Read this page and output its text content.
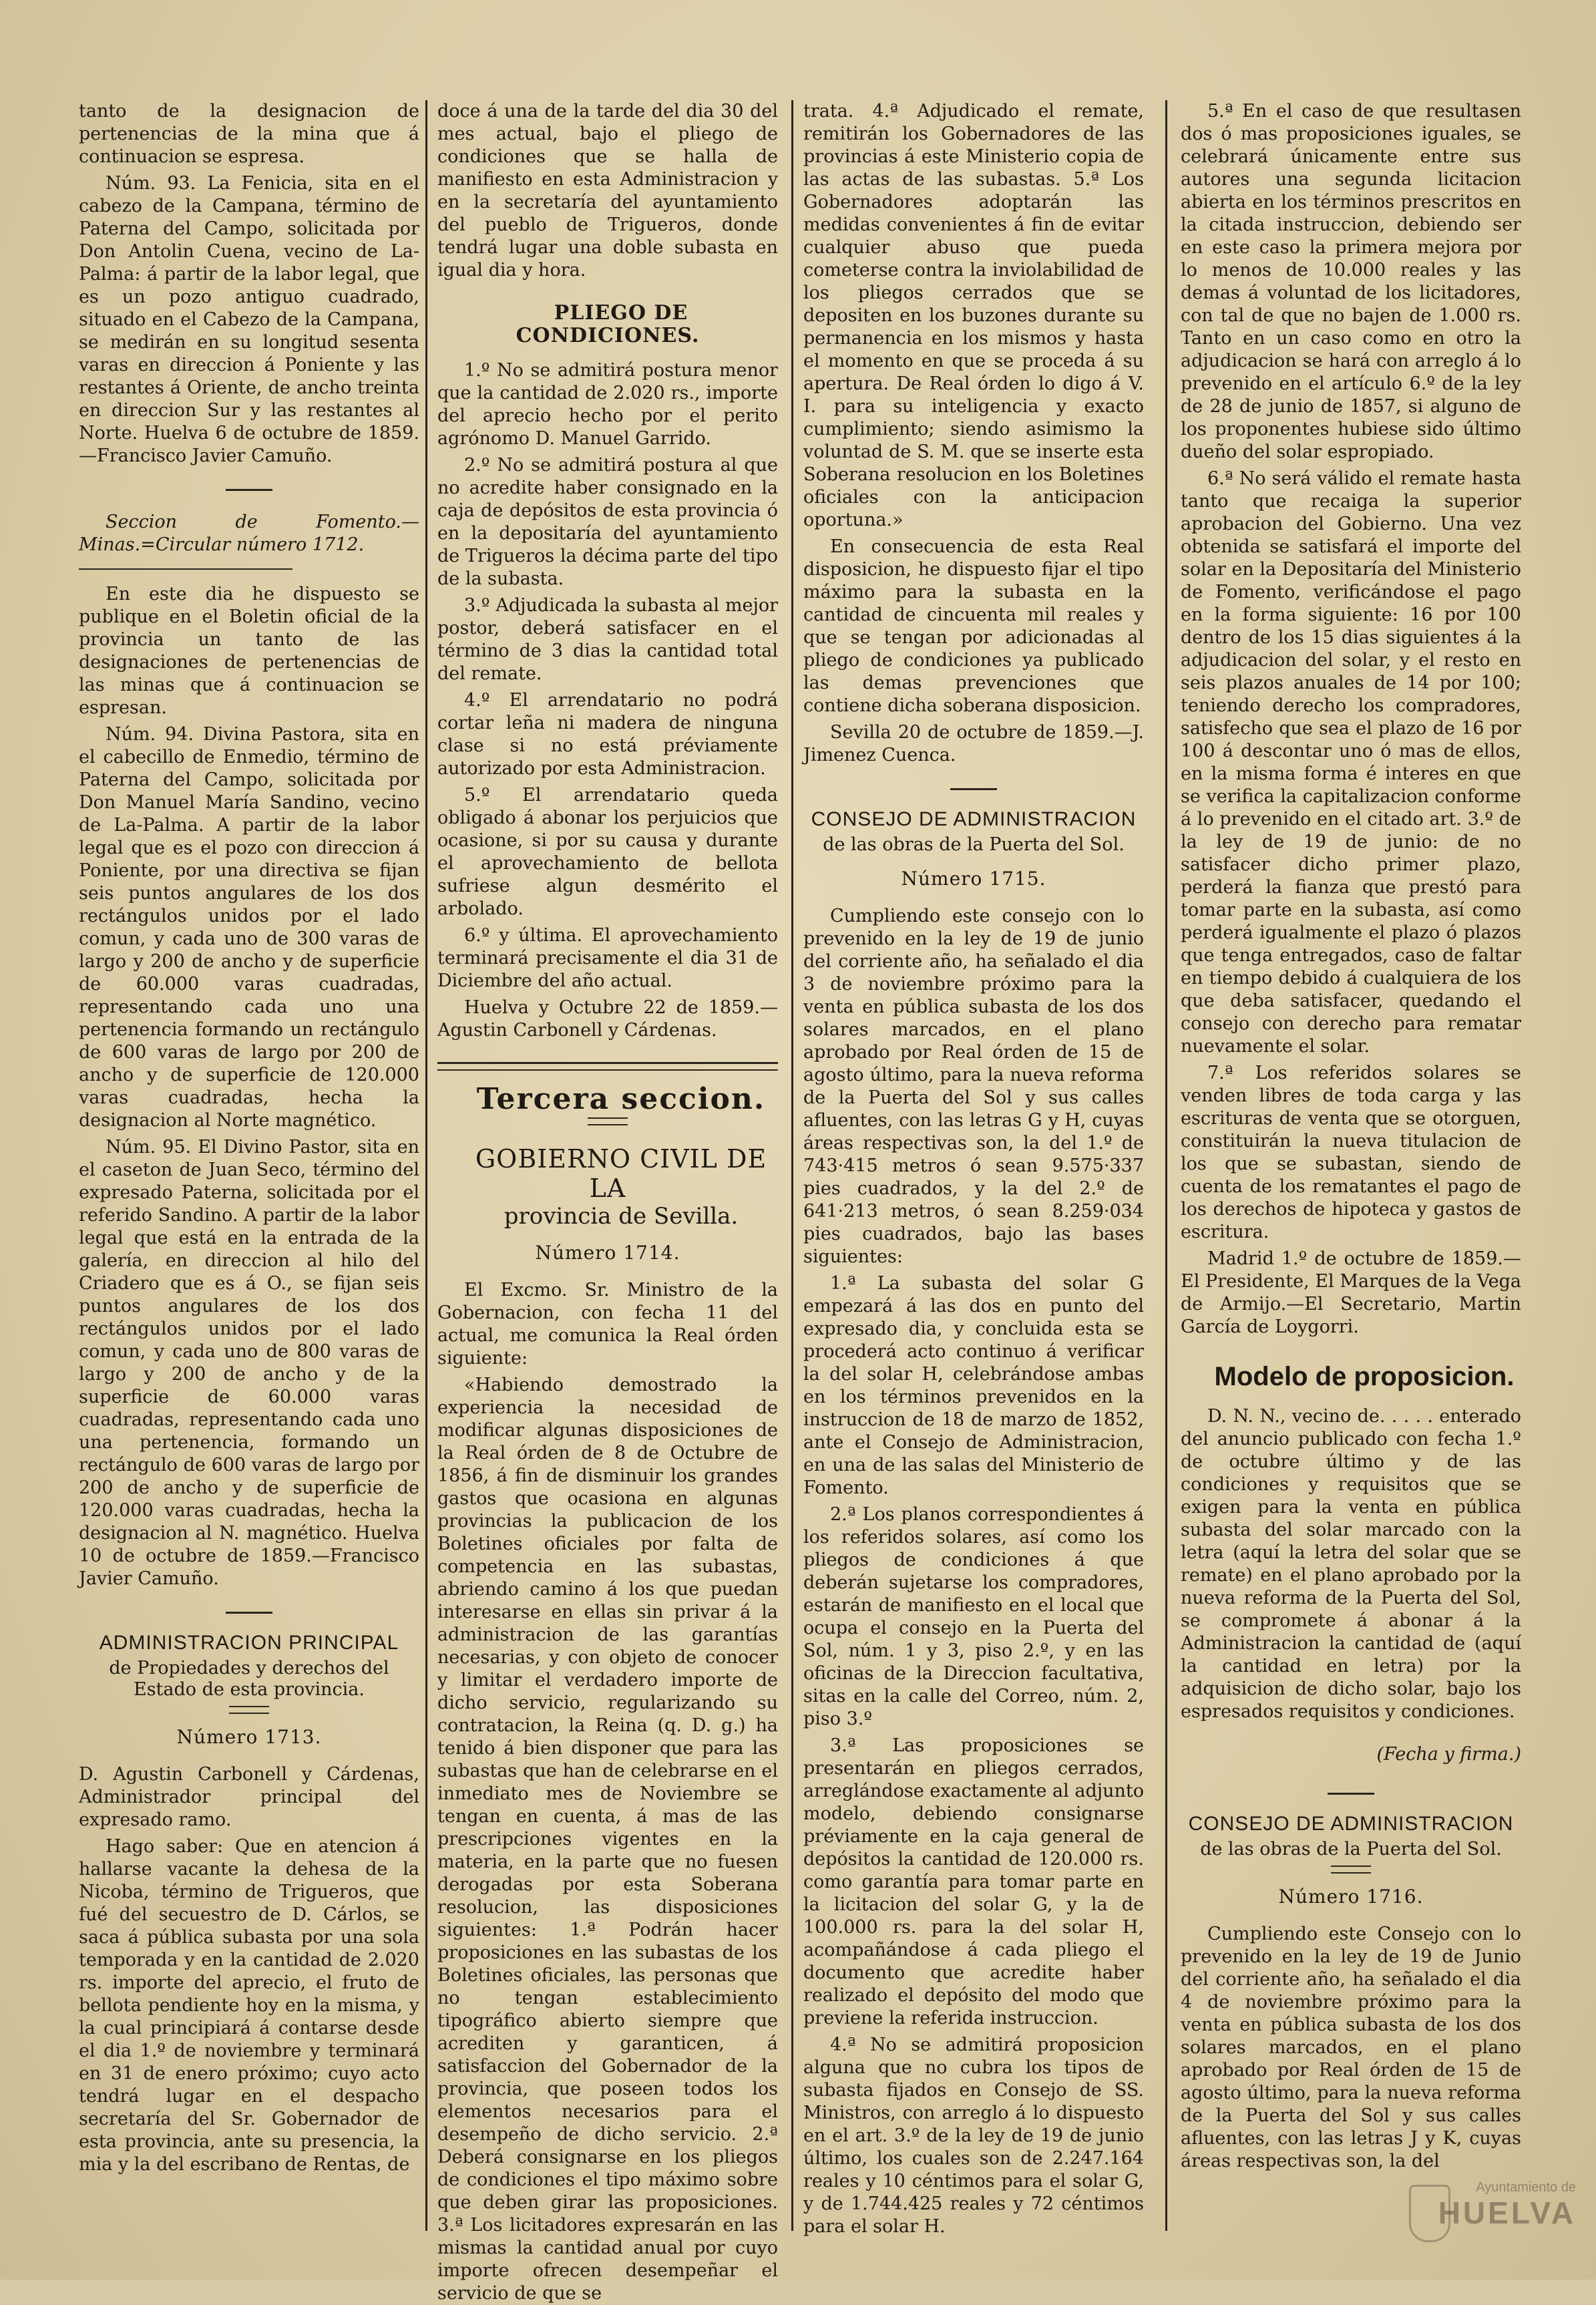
tanto de la designacion de pertenencias de la mina que á continuacion se espresa.

Núm. 93. La Fenicia, sita en el cabezo de la Campana, término de Paterna del Campo, solicitada por Don Antolin Cuena, vecino de La-Palma: á partir de la labor legal, que es un pozo antiguo cuadrado, situado en el Cabezo de la Campana, se medirán en su longitud sesenta varas en direccion á Poniente y las restantes á Oriente, de ancho treinta en direccion Sur y las restantes al Norte. Huelva 6 de octubre de 1859.—Francisco Javier Camuño.

Seccion de Fomento.—Minas.=Circular número 1712.

En este dia he dispuesto se publique en el Boletin oficial de la provincia un tanto de las designaciones de pertenencias de las minas que á continuacion se espresan.

Núm. 94. Divina Pastora, sita en el cabecillo de Enmedio, término de Paterna del Campo, solicitada por Don Manuel María Sandino, vecino de La-Palma. A partir de la labor legal que es el pozo con direccion á Poniente, por una directiva se fijan seis puntos angulares de los dos rectángulos unidos por el lado comun, y cada uno de 300 varas de largo y 200 de ancho y de superficie de 60.000 varas cuadradas, representando cada uno una pertenencia formando un rectángulo de 600 varas de largo por 200 de ancho y de superficie de 120.000 varas cuadradas, hecha la designacion al Norte magnético.

Núm. 95. El Divino Pastor, sita en el caseton de Juan Seco, término del expresado Paterna, solicitada por el referido Sandino. A partir de la labor legal que está en la entrada de la galería, en direccion al hilo del Criadero que es á O., se fijan seis puntos angulares de los dos rectángulos unidos por el lado comun, y cada uno de 800 varas de largo y 200 de ancho y de la superficie de 60.000 varas cuadradas, representando cada uno una pertenencia, formando un rectángulo de 600 varas de largo por 200 de ancho y de superficie de 120.000 varas cuadradas, hecha la designacion al N. magnético. Huelva 10 de octubre de 1859.—Francisco Javier Camuño.

ADMINISTRACION PRINCIPAL

de Propiedades y derechos del Estado de esta provincia.

Número 1713.

D. Agustin Carbonell y Cárdenas, Administrador principal del expresado ramo.

Hago saber: Que en atencion á hallarse vacante la dehesa de la Nicoba, término de Trigueros, que fué del secuestro de D. Cárlos, se saca á pública subasta por una sola temporada y en la cantidad de 2.020 rs. importe del aprecio, el fruto de bellota pendiente hoy en la misma, y la cual principiará á contarse desde el dia 1.º de noviembre y terminará en 31 de enero próximo; cuyo acto tendrá lugar en el despacho secretaría del Sr. Gobernador de esta provincia, ante su presencia, la mia y la del escribano de Rentas, de

doce á una de la tarde del dia 30 del mes actual, bajo el pliego de condiciones que se halla de manifiesto en esta Administracion y en la secretaría del ayuntamiento del pueblo de Trigueros, donde tendrá lugar una doble subasta en igual dia y hora.

PLIEGO DE CONDICIONES.

1.º No se admitirá postura menor que la cantidad de 2.020 rs., importe del aprecio hecho por el perito agrónomo D. Manuel Garrido.

2.º No se admitirá postura al que no acredite haber consignado en la caja de depósitos de esta provincia ó en la depositaría del ayuntamiento de Trigueros la décima parte del tipo de la subasta.

3.º Adjudicada la subasta al mejor postor, deberá satisfacer en el término de 3 dias la cantidad total del remate.

4.º El arrendatario no podrá cortar leña ni madera de ninguna clase si no está préviamente autorizado por esta Administracion.

5.º El arrendatario queda obligado á abonar los perjuicios que ocasione, si por su causa y durante el aprovechamiento de bellota sufriese algun desmérito el arbolado.

6.º y última. El aprovechamiento terminará precisamente el dia 31 de Diciembre del año actual.

Huelva y Octubre 22 de 1859.—Agustin Carbonell y Cárdenas.

Tercera seccion.

GOBIERNO CIVIL DE LA

provincia de Sevilla.

Número 1714.

El Excmo. Sr. Ministro de la Gobernacion, con fecha 11 del actual, me comunica la Real órden siguiente:

«Habiendo demostrado la experiencia la necesidad de modificar algunas disposiciones de la Real órden de 8 de Octubre de 1856, á fin de disminuir los grandes gastos que ocasiona en algunas provincias la publicacion de los Boletines oficiales por falta de competencia en las subastas, abriendo camino á los que puedan interesarse en ellas sin privar á la administracion de las garantías necesarias, y con objeto de conocer y limitar el verdadero importe de dicho servicio, regularizando su contratacion, la Reina (q. D. g.) ha tenido á bien disponer que para las subastas que han de celebrarse en el inmediato mes de Noviembre se tengan en cuenta, á mas de las prescripciones vigentes en la materia, en la parte que no fuesen derogadas por esta Soberana resolucion, las disposiciones siguientes: 1.ª Podrán hacer proposiciones en las subastas de los Boletines oficiales, las personas que no tengan establecimiento tipográfico abierto siempre que acrediten y garanticen, á satisfaccion del Gobernador de la provincia, que poseen todos los elementos necesarios para el desempeño de dicho servicio. 2.ª Deberá consignarse en los pliegos de condiciones el tipo máximo sobre que deben girar las proposiciones. 3.ª Los licitadores expresarán en las mismas la cantidad anual por cuyo importe ofrecen desempeñar el servicio de que se

trata. 4.ª Adjudicado el remate, remitirán los Gobernadores de las provincias á este Ministerio copia de las actas de las subastas. 5.ª Los Gobernadores adoptarán las medidas convenientes á fin de evitar cualquier abuso que pueda cometerse contra la inviolabilidad de los pliegos cerrados que se depositen en los buzones durante su permanencia en los mismos y hasta el momento en que se proceda á su apertura. De Real órden lo digo á V. I. para su inteligencia y exacto cumplimiento; siendo asimismo la voluntad de S. M. que se inserte esta Soberana resolucion en los Boletines oficiales con la anticipacion oportuna.»

En consecuencia de esta Real disposicion, he dispuesto fijar el tipo máximo para la subasta en la cantidad de cincuenta mil reales y que se tengan por adicionadas al pliego de condiciones ya publicado las demas prevenciones que contiene dicha soberana disposicion.

Sevilla 20 de octubre de 1859.—J. Jimenez Cuenca.

CONSEJO DE ADMINISTRACION

de las obras de la Puerta del Sol.

Número 1715.

Cumpliendo este consejo con lo prevenido en la ley de 19 de junio del corriente año, ha señalado el dia 3 de noviembre próximo para la venta en pública subasta de los dos solares marcados, en el plano aprobado por Real órden de 15 de agosto último, para la nueva reforma de la Puerta del Sol y sus calles afluentes, con las letras G y H, cuyas áreas respectivas son, la del 1.º de 743·415 metros ó sean 9.575·337 pies cuadrados, y la del 2.º de 641·213 metros, ó sean 8.259·034 pies cuadrados, bajo las bases siguientes:

1.ª La subasta del solar G empezará á las dos en punto del expresado dia, y concluida esta se procederá acto continuo á verificar la del solar H, celebrándose ambas en los términos prevenidos en la instruccion de 18 de marzo de 1852, ante el Consejo de Administracion, en una de las salas del Ministerio de Fomento.

2.ª Los planos correspondientes á los referidos solares, así como los pliegos de condiciones á que deberán sujetarse los compradores, estarán de manifiesto en el local que ocupa el consejo en la Puerta del Sol, núm. 1 y 3, piso 2.º, y en las oficinas de la Direccion facultativa, sitas en la calle del Correo, núm. 2, piso 3.º

3.ª Las proposiciones se presentarán en pliegos cerrados, arreglándose exactamente al adjunto modelo, debiendo consignarse préviamente en la caja general de depósitos la cantidad de 120.000 rs. como garantía para tomar parte en la licitacion del solar G, y la de 100.000 rs. para la del solar H, acompañándose á cada pliego el documento que acredite haber realizado el depósito del modo que previene la referida instruccion.

4.ª No se admitirá proposicion alguna que no cubra los tipos de subasta fijados en Consejo de SS. Ministros, con arreglo á lo dispuesto en el art. 3.º de la ley de 19 de junio último, los cuales son de 2.247.164 reales y 10 céntimos para el solar G, y de 1.744.425 reales y 72 céntimos para el solar H.

5.ª En el caso de que resultasen dos ó mas proposiciones iguales, se celebrará únicamente entre sus autores una segunda licitacion abierta en los términos prescritos en la citada instruccion, debiendo ser en este caso la primera mejora por lo menos de 10.000 reales y las demas á voluntad de los licitadores, con tal de que no bajen de 1.000 rs. Tanto en un caso como en otro la adjudicacion se hará con arreglo á lo prevenido en el artículo 6.º de la ley de 28 de junio de 1857, si alguno de los proponentes hubiese sido último dueño del solar espropiado.

6.ª No será válido el remate hasta tanto que recaiga la superior aprobacion del Gobierno. Una vez obtenida se satisfará el importe del solar en la Depositaría del Ministerio de Fomento, verificándose el pago en la forma siguiente: 16 por 100 dentro de los 15 dias siguientes á la adjudicacion del solar, y el resto en seis plazos anuales de 14 por 100; teniendo derecho los compradores, satisfecho que sea el plazo de 16 por 100 á descontar uno ó mas de ellos, en la misma forma é interes en que se verifica la capitalizacion conforme á lo prevenido en el citado art. 3.º de la ley de 19 de junio: de no satisfacer dicho primer plazo, perderá la fianza que prestó para tomar parte en la subasta, así como perderá igualmente el plazo ó plazos que tenga entregados, caso de faltar en tiempo debido á cualquiera de los que deba satisfacer, quedando el consejo con derecho para rematar nuevamente el solar.

7.ª Los referidos solares se venden libres de toda carga y las escrituras de venta que se otorguen, constituirán la nueva titulacion de los que se subastan, siendo de cuenta de los rematantes el pago de los derechos de hipoteca y gastos de escritura.

Madrid 1.º de octubre de 1859.—El Presidente, El Marques de la Vega de Armijo.—El Secretario, Martin García de Loygorri.

Modelo de proposicion.

D. N. N., vecino de. . . . . enterado del anuncio publicado con fecha 1.º de octubre último y de las condiciones y requisitos que se exigen para la venta en pública subasta del solar marcado con la letra (aquí la letra del solar que se remate) en el plano aprobado por la nueva reforma de la Puerta del Sol, se compromete á abonar á la Administracion la cantidad de (aquí la cantidad en letra) por la adquisicion de dicho solar, bajo los espresados requisitos y condiciones.

(Fecha y firma.)

CONSEJO DE ADMINISTRACION

de las obras de la Puerta del Sol.

Número 1716.

Cumpliendo este Consejo con lo prevenido en la ley de 19 de Junio del corriente año, ha señalado el dia 4 de noviembre próximo para la venta en pública subasta de los dos solares marcados, en el plano aprobado por Real órden de 15 de agosto último, para la nueva reforma de la Puerta del Sol y sus calles afluentes, con las letras J y K, cuyas áreas respectivas son, la del

Ayuntamiento de
HUELVA
